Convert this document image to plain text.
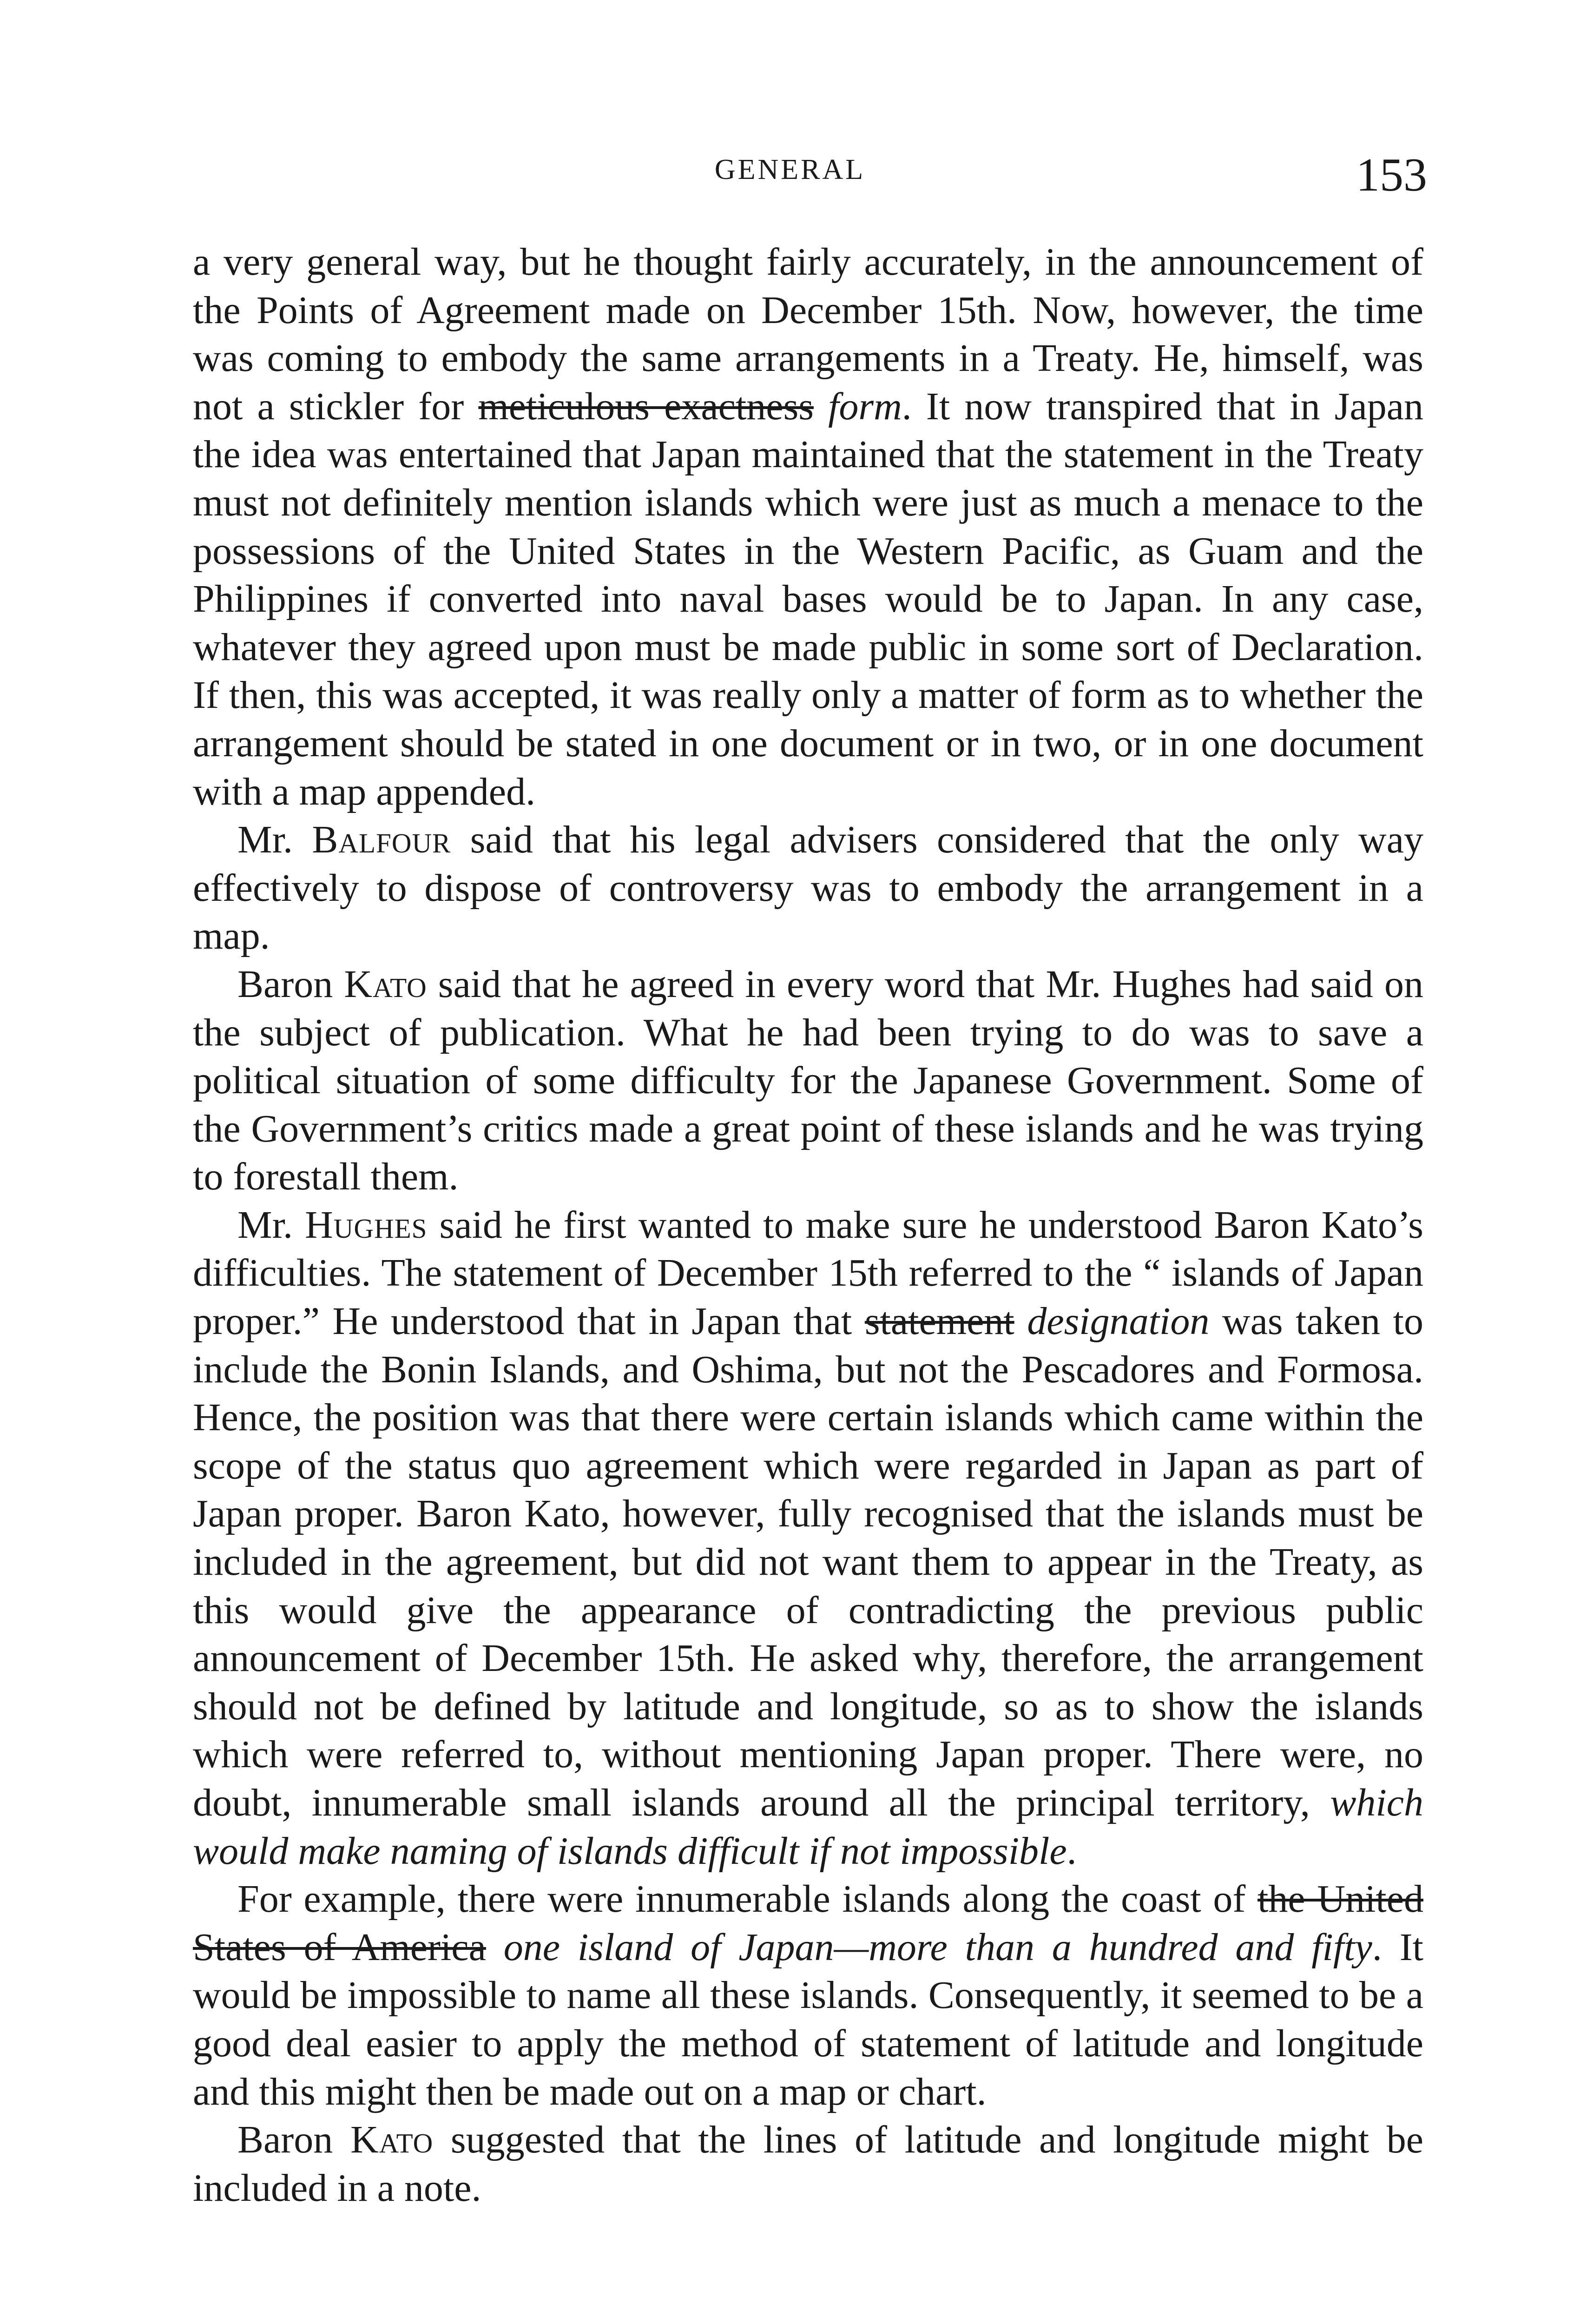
GENERAL	153

a very general way, but he thought fairly accurately, in the announcement of the Points of Agreement made on December 15th. Now, however, the time was coming to embody the same arrangements in a Treaty. He, himself, was not a stickler for meticulous exactness form. It now transpired that in Japan the idea was entertained that Japan maintained that the statement in the Treaty must not definitely mention islands which were just as much a menace to the possessions of the United States in the Western Pacific, as Guam and the Philippines if converted into naval bases would be to Japan. In any case, whatever they agreed upon must be made public in some sort of Declaration. If then, this was accepted, it was really only a matter of form as to whether the arrangement should be stated in one document or in two, or in one document with a map appended.

Mr. Balfour said that his legal advisers considered that the only way effectively to dispose of controversy was to embody the arrangement in a map.

Baron Kato said that he agreed in every word that Mr. Hughes had said on the subject of publication. What he had been trying to do was to save a political situation of some difficulty for the Japanese Government. Some of the Government’s critics made a great point of these islands and he was trying to forestall them.

Mr. Hughes said he first wanted to make sure he understood Baron Kato’s difficulties. The statement of December 15th referred to the “ islands of Japan proper.” He understood that in Japan that statement designation was taken to include the Bonin Islands, and Oshima, but not the Pescadores and Formosa. Hence, the position was that there were certain islands which came within the scope of the status quo agreement which were regarded in Japan as part of Japan proper. Baron Kato, however, fully recognised that the islands must be included in the agreement, but did not want them to appear in the Treaty, as this would give the appearance of contradicting the previous public announcement of December 15th. He asked why, therefore, the arrangement should not be defined by latitude and longitude, so as to show the islands which were referred to, without mentioning Japan proper. There were, no doubt, innumerable small islands around all the principal territory, which would make naming of islands difficult if not impossible.

For example, there were innumerable islands along the coast of the United States of America one island of Japan—more than a hundred and fifty. It would be impossible to name all these islands. Consequently, it seemed to be a good deal easier to apply the method of statement of latitude and longitude and this might then be made out on a map or chart.

Baron Kato suggested that the lines of latitude and longitude might be included in a note.
